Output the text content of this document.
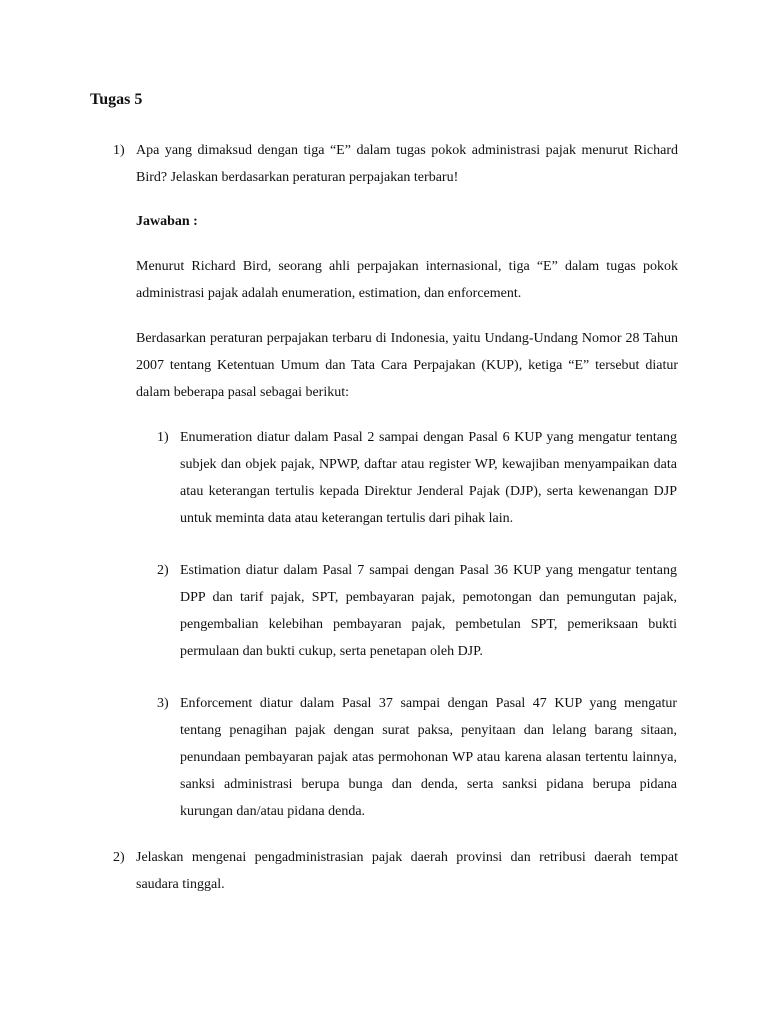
Tugas 5
1) Apa yang dimaksud dengan tiga “E” dalam tugas pokok administrasi pajak menurut Richard Bird? Jelaskan berdasarkan peraturan perpajakan terbaru!

Jawaban :

Menurut Richard Bird, seorang ahli perpajakan internasional, tiga “E” dalam tugas pokok administrasi pajak adalah enumeration, estimation, dan enforcement.

Berdasarkan peraturan perpajakan terbaru di Indonesia, yaitu Undang-Undang Nomor 28 Tahun 2007 tentang Ketentuan Umum dan Tata Cara Perpajakan (KUP), ketiga “E” tersebut diatur dalam beberapa pasal sebagai berikut:

1) Enumeration diatur dalam Pasal 2 sampai dengan Pasal 6 KUP yang mengatur tentang subjek dan objek pajak, NPWP, daftar atau register WP, kewajiban menyampaikan data atau keterangan tertulis kepada Direktur Jenderal Pajak (DJP), serta kewenangan DJP untuk meminta data atau keterangan tertulis dari pihak lain.

2) Estimation diatur dalam Pasal 7 sampai dengan Pasal 36 KUP yang mengatur tentang DPP dan tarif pajak, SPT, pembayaran pajak, pemotongan dan pemungutan pajak, pengembalian kelebihan pembayaran pajak, pembetulan SPT, pemeriksaan bukti permulaan dan bukti cukup, serta penetapan oleh DJP.

3) Enforcement diatur dalam Pasal 37 sampai dengan Pasal 47 KUP yang mengatur tentang penagihan pajak dengan surat paksa, penyitaan dan lelang barang sitaan, penundaan pembayaran pajak atas permohonan WP atau karena alasan tertentu lainnya, sanksi administrasi berupa bunga dan denda, serta sanksi pidana berupa pidana kurungan dan/atau pidana denda.

2) Jelaskan mengenai pengadministrasian pajak daerah provinsi dan retribusi daerah tempat saudara tinggal.
